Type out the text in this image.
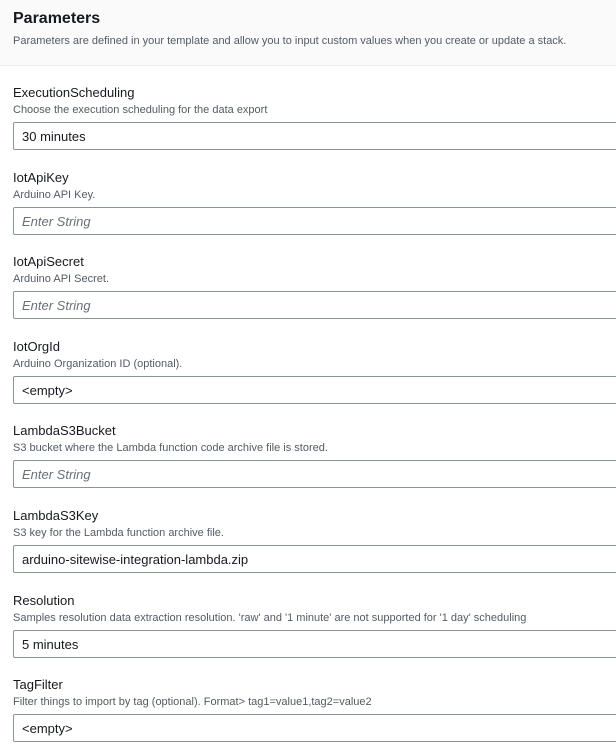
Parameters
Parameters are defined in your template and allow you to input custom values when you create or update a stack.
ExecutionScheduling
Choose the execution scheduling for the data export
30 minutes
IotApiKey
Arduino API Key.
Enter String
IotApiSecret
Arduino API Secret.
Enter String
IotOrgId
Arduino Organization ID (optional).
<empty>
LambdaS3Bucket
S3 bucket where the Lambda function code archive file is stored.
Enter String
LambdaS3Key
S3 key for the Lambda function archive file.
arduino-sitewise-integration-lambda.zip
Resolution
Samples resolution data extraction resolution. 'raw' and '1 minute' are not supported for '1 day' scheduling
5 minutes
TagFilter
Filter things to import by tag (optional). Format> tag1=value1,tag2=value2
<empty>
